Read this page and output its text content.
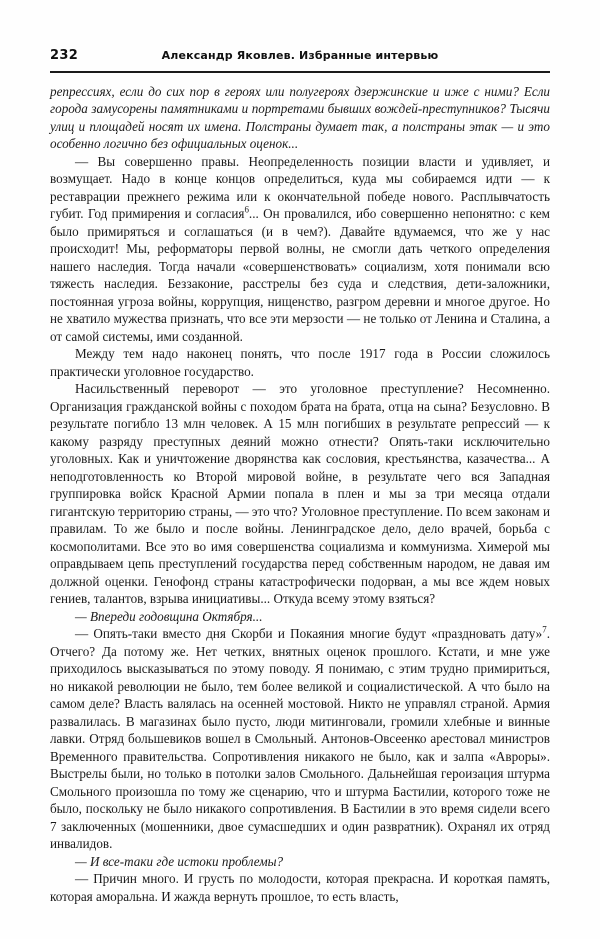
232	Александр Яковлев. Избранные интервью
репрессиях, если до сих пор в героях или полугероях дзержинские и иже с ними? Если города замусорены памятниками и портретами бывших вождей-преступников? Тысячи улиц и площадей носят их имена. Полстраны думает так, а полстраны этак — и это особенно логично без официальных оценок...

— Вы совершенно правы. Неопределенность позиции власти и удивляет, и возмущает. Надо в конце концов определиться, куда мы собираемся идти — к реставрации прежнего режима или к окончательной победе нового. Расплывчатость губит. Год примирения и согласия$^6$... Он провалился, ибо совершенно непонятно: с кем было примиряться и соглашаться (и в чем?). Давайте вдумаемся, что же у нас происходит! Мы, реформаторы первой волны, не смогли дать четкого определения нашего наследия. Тогда начали «совершенствовать» социализм, хотя понимали всю тяжесть наследия. Беззаконие, расстрелы без суда и следствия, дети-заложники, постоянная угроза войны, коррупция, нищенство, разгром деревни и многое другое. Но не хватило мужества признать, что все эти мерзости — не только от Ленина и Сталина, а от самой системы, ими созданной.

Между тем надо наконец понять, что после 1917 года в России сложилось практически уголовное государство.

Насильственный переворот — это уголовное преступление? Несомненно. Организация гражданской войны с походом брата на брата, отца на сына? Безусловно. В результате погибло 13 млн человек. А 15 млн погибших в результате репрессий — к какому разряду преступных деяний можно отнести? Опять-таки исключительно уголовных. Как и уничтожение дворянства как сословия, крестьянства, казачества... А неподготовленность ко Второй мировой войне, в результате чего вся Западная группировка войск Красной Армии попала в плен и мы за три месяца отдали гигантскую территорию страны, — это что? Уголовное преступление. По всем законам и правилам. То же было и после войны. Ленинградское дело, дело врачей, борьба с космополитами. Все это во имя совершенства социализма и коммунизма. Химерой мы оправдываем цепь преступлений государства перед собственным народом, не давая им должной оценки. Генофонд страны катастрофически подорван, а мы все ждем новых гениев, талантов, взрыва инициативы... Откуда всему этому взяться?

— Впереди годовщина Октября...

— Опять-таки вместо дня Скорби и Покаяния многие будут «праздновать дату»$^7$. Отчего? Да потому же. Нет четких, внятных оценок прошлого. Кстати, и мне уже приходилось высказываться по этому поводу. Я понимаю, с этим трудно примириться, но никакой революции не было, тем более великой и социалистической. А что было на самом деле? Власть валялась на осенней мостовой. Никто не управлял страной. Армия развалилась. В магазинах было пусто, люди митинговали, громили хлебные и винные лавки. Отряд большевиков вошел в Смольный. Антонов-Овсеенко арестовал министров Временного правительства. Сопротивления никакого не было, как и залпа «Авроры». Выстрелы были, но только в потолки залов Смольного. Дальнейшая героизация штурма Смольного произошла по тому же сценарию, что и штурма Бастилии, которого тоже не было, поскольку не было никакого сопротивления. В Бастилии в это время сидели всего 7 заключенных (мошенники, двое сумасшедших и один развратник). Охранял их отряд инвалидов.

— И все-таки где истоки проблемы?

— Причин много. И грусть по молодости, которая прекрасна. И короткая память, которая аморальна. И жажда вернуть прошлое, то есть власть,
